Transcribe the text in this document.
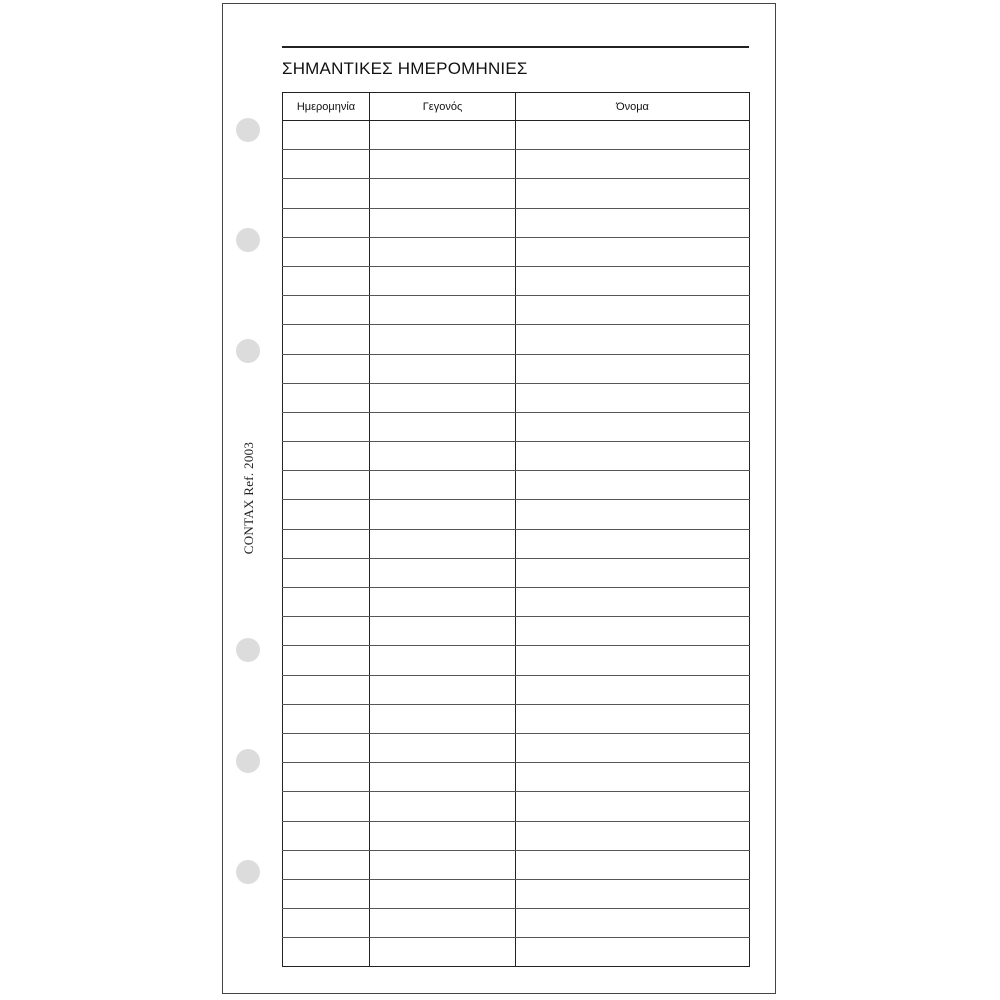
ΣΗΜΑΝΤΙΚΕΣ ΗΜΕΡΟΜΗΝΙΕΣ
CONTAX Ref. 2003
Ημερομηνία	Γεγονός	Όνομα
